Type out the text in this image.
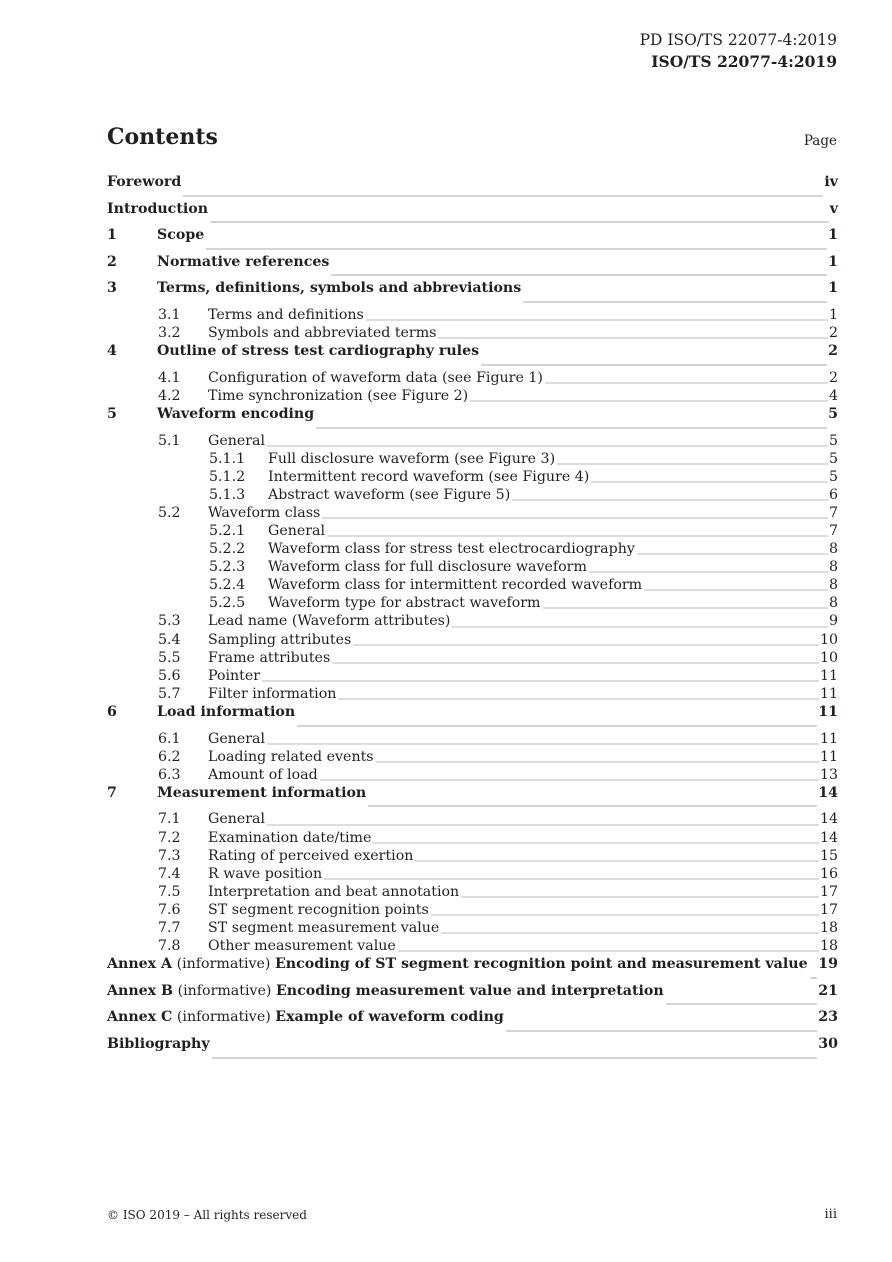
PD ISO/TS 22077-4:2019
ISO/TS 22077-4:2019
Contents	Page
Foreword	iv
Introduction	v
1	Scope	1
2	Normative references	1
3	Terms, definitions, symbols and abbreviations	1
3.1	Terms and definitions	1
3.2	Symbols and abbreviated terms	2
4	Outline of stress test cardiography rules	2
4.1	Configuration of waveform data (see Figure 1)	2
4.2	Time synchronization (see Figure 2)	4
5	Waveform encoding	5
5.1	General	5
5.1.1	Full disclosure waveform (see Figure 3)	5
5.1.2	Intermittent record waveform (see Figure 4)	5
5.1.3	Abstract waveform (see Figure 5)	6
5.2	Waveform class	7
5.2.1	General	7
5.2.2	Waveform class for stress test electrocardiography	8
5.2.3	Waveform class for full disclosure waveform	8
5.2.4	Waveform class for intermittent recorded waveform	8
5.2.5	Waveform type for abstract waveform	8
5.3	Lead name (Waveform attributes)	9
5.4	Sampling attributes	10
5.5	Frame attributes	10
5.6	Pointer	11
5.7	Filter information	11
6	Load information	11
6.1	General	11
6.2	Loading related events	11
6.3	Amount of load	13
7	Measurement information	14
7.1	General	14
7.2	Examination date/time	14
7.3	Rating of perceived exertion	15
7.4	R wave position	16
7.5	Interpretation and beat annotation	17
7.6	ST segment recognition points	17
7.7	ST segment measurement value	18
7.8	Other measurement value	18
Annex A (informative) Encoding of ST segment recognition point and measurement value 19
Annex B (informative) Encoding measurement value and interpretation	21
Annex C (informative) Example of waveform coding	23
Bibliography	30
© ISO 2019 – All rights reserved	iii
